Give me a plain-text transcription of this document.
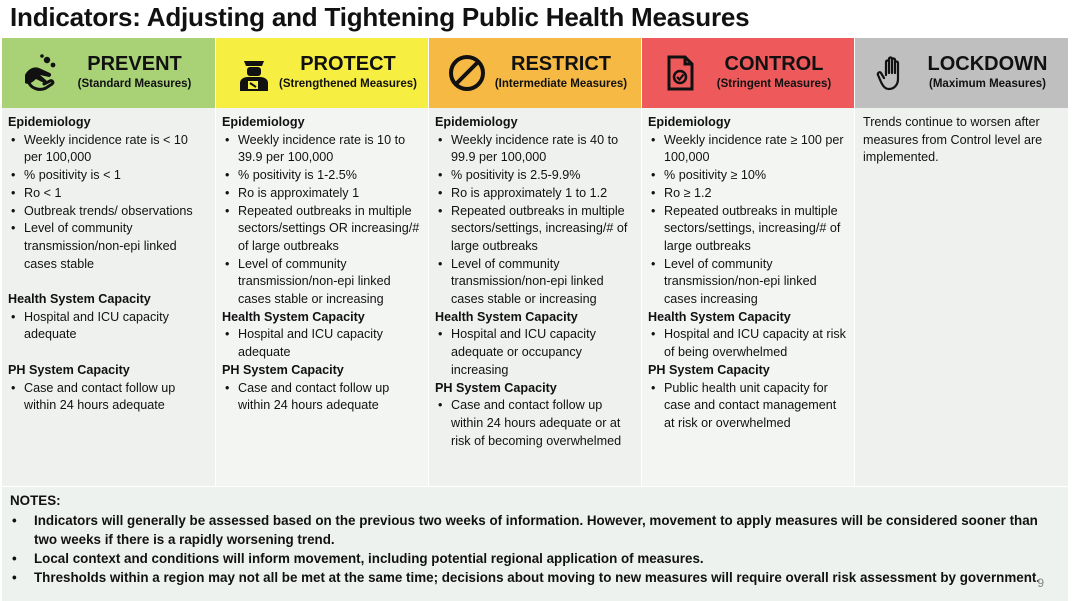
Indicators: Adjusting and Tightening Public Health Measures
PREVENT
(Standard Measures)
Epidemiology
• Weekly incidence rate is < 10 per 100,000
• % positivity is < 1
• Ro < 1
• Outbreak trends/ observations
• Level of community transmission/non-epi linked cases stable
Health System Capacity
• Hospital and ICU capacity adequate
PH System Capacity
• Case and contact follow up within 24 hours adequate
PROTECT
(Strengthened Measures)
Epidemiology
• Weekly incidence rate is 10 to 39.9 per 100,000
• % positivity is 1-2.5%
• Ro is approximately 1
• Repeated outbreaks in multiple sectors/settings OR increasing/# of large outbreaks
• Level of community transmission/non-epi linked cases stable or increasing
Health System Capacity
• Hospital and ICU capacity adequate
PH System Capacity
• Case and contact follow up within 24 hours adequate
RESTRICT
(Intermediate Measures)
Epidemiology
• Weekly incidence rate is 40 to 99.9 per 100,000
• % positivity is 2.5-9.9%
• Ro is approximately 1 to 1.2
• Repeated outbreaks in multiple sectors/settings, increasing/# of large outbreaks
• Level of community transmission/non-epi linked cases stable or increasing
Health System Capacity
• Hospital and ICU capacity adequate or occupancy increasing
PH System Capacity
• Case and contact follow up within 24 hours adequate or at risk of becoming overwhelmed
CONTROL
(Stringent Measures)
Epidemiology
• Weekly incidence rate ≥ 100 per 100,000
• % positivity ≥ 10%
• Ro ≥ 1.2
• Repeated outbreaks in multiple sectors/settings, increasing/# of large outbreaks
• Level of community transmission/non-epi linked cases increasing
Health System Capacity
• Hospital and ICU capacity at risk of being overwhelmed
PH System Capacity
• Public health unit capacity for case and contact management at risk or overwhelmed
LOCKDOWN
(Maximum Measures)
Trends continue to worsen after measures from Control level are implemented.
NOTES:
• Indicators will generally be assessed based on the previous two weeks of information. However, movement to apply measures will be considered sooner than two weeks if there is a rapidly worsening trend.
• Local context and conditions will inform movement, including potential regional application of measures.
• Thresholds within a region may not all be met at the same time; decisions about moving to new measures will require overall risk assessment by government.
9
